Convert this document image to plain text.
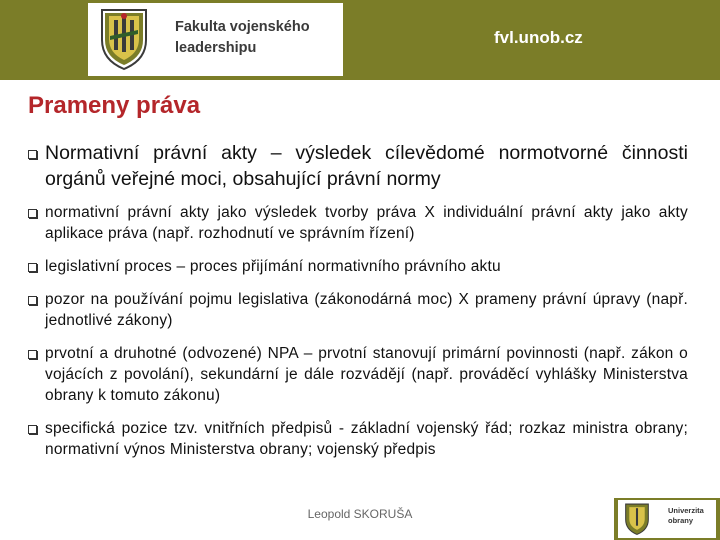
Fakulta vojenského leadershipu
fvl.unob.cz
Prameny práva
Normativní právní akty – výsledek cílevědomé normotvorné činnosti orgánů veřejné moci, obsahující právní normy
normativní právní akty jako výsledek tvorby práva X individuální právní akty jako akty aplikace práva (např. rozhodnutí ve správním řízení)
legislativní proces – proces přijímání normativního právního aktu
pozor na používání pojmu legislativa (zákonodárná moc) X prameny právní úpravy (např. jednotlivé zákony)
prvotní a druhotné (odvozené) NPA – prvotní stanovují primární povinnosti (např. zákon o vojácích z povolání), sekundární je dále rozvádějí (např. prováděcí vyhlášky Ministerstva obrany k tomuto zákonu)
specifická pozice tzv. vnitřních předpisů - základní vojenský řád; rozkaz ministra obrany; normativní výnos Ministerstva obrany; vojenský předpis
Leopold SKORUŠA	Univerzita obrany
